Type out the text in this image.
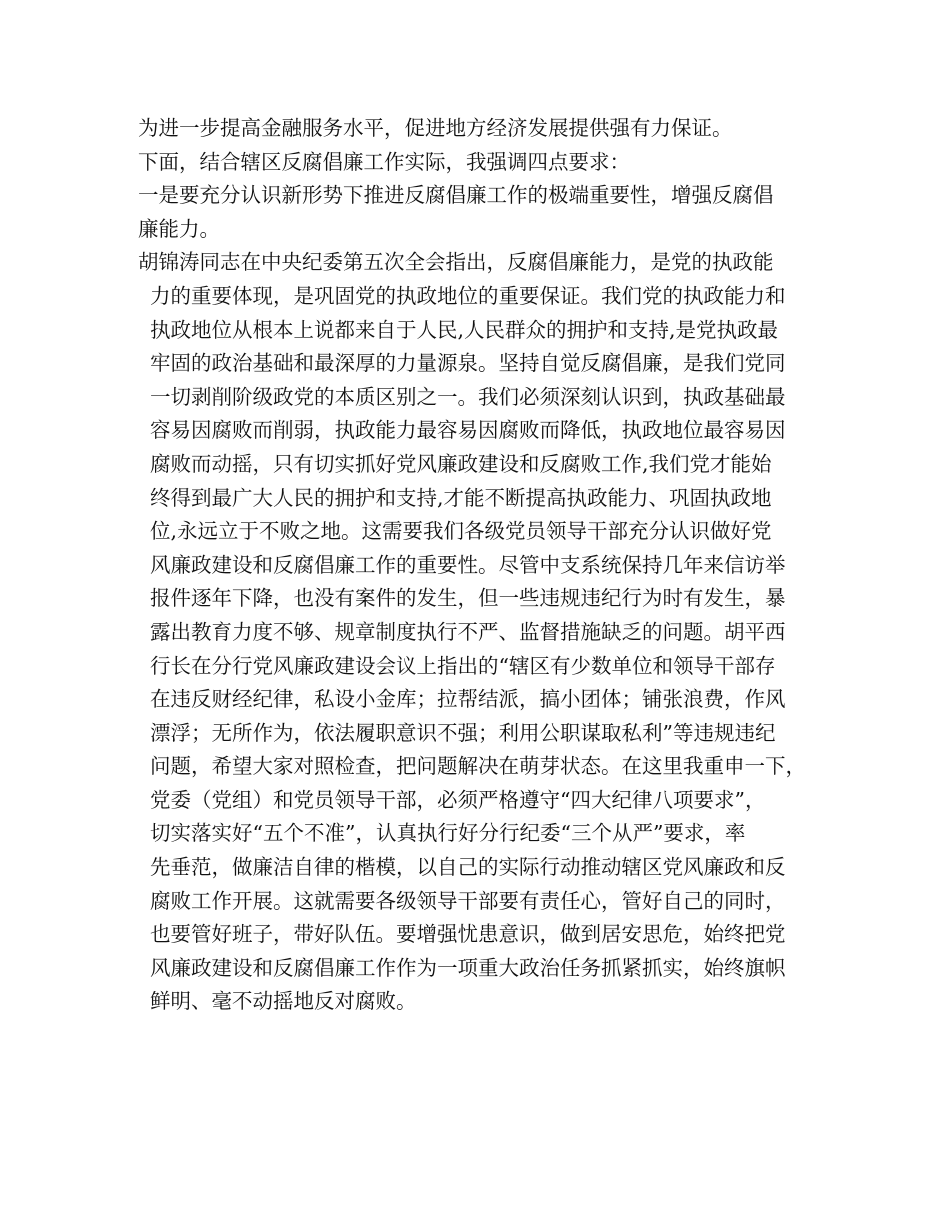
为进一步提高金融服务水平，促进地方经济发展提供强有力保证。
下面，结合辖区反腐倡廉工作实际，我强调四点要求：
一是要充分认识新形势下推进反腐倡廉工作的极端重要性，增强反腐倡
廉能力。
胡锦涛同志在中央纪委第五次全会指出，反腐倡廉能力，是党的执政能
力的重要体现，是巩固党的执政地位的重要保证。我们党的执政能力和
执政地位从根本上说都来自于人民,人民群众的拥护和支持,是党执政最
牢固的政治基础和最深厚的力量源泉。坚持自觉反腐倡廉，是我们党同
一切剥削阶级政党的本质区别之一。我们必须深刻认识到，执政基础最
容易因腐败而削弱，执政能力最容易因腐败而降低，执政地位最容易因
腐败而动摇，只有切实抓好党风廉政建设和反腐败工作,我们党才能始
终得到最广大人民的拥护和支持,才能不断提高执政能力、巩固执政地
位,永远立于不败之地。这需要我们各级党员领导干部充分认识做好党
风廉政建设和反腐倡廉工作的重要性。尽管中支系统保持几年来信访举
报件逐年下降，也没有案件的发生，但一些违规违纪行为时有发生，暴
露出教育力度不够、规章制度执行不严、监督措施缺乏的问题。胡平西
行长在分行党风廉政建设会议上指出的“辖区有少数单位和领导干部存
在违反财经纪律，私设小金库；拉帮结派，搞小团体；铺张浪费，作风
漂浮；无所作为，依法履职意识不强；利用公职谋取私利”等违规违纪
问题，希望大家对照检查，把问题解决在萌芽状态。在这里我重申一下，
党委（党组）和党员领导干部，必须严格遵守“四大纪律八项要求”，
切实落实好“五个不准”，认真执行好分行纪委“三个从严”要求，率
先垂范，做廉洁自律的楷模，以自己的实际行动推动辖区党风廉政和反
腐败工作开展。这就需要各级领导干部要有责任心，管好自己的同时，
也要管好班子，带好队伍。要增强忧患意识，做到居安思危，始终把党
风廉政建设和反腐倡廉工作作为一项重大政治任务抓紧抓实，始终旗帜
鲜明、毫不动摇地反对腐败。
